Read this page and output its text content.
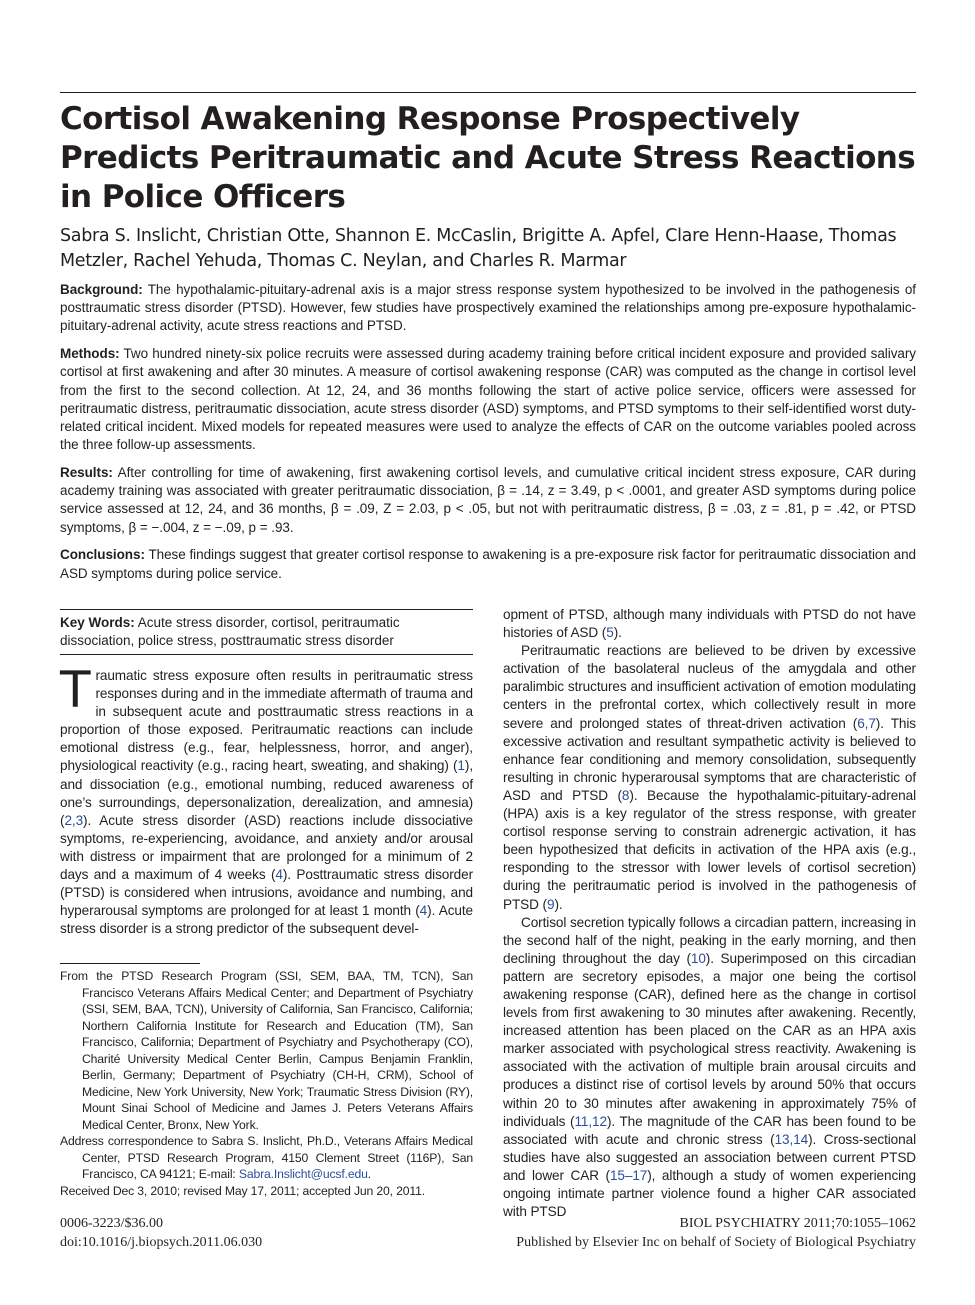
Cortisol Awakening Response Prospectively Predicts Peritraumatic and Acute Stress Reactions in Police Officers
Sabra S. Inslicht, Christian Otte, Shannon E. McCaslin, Brigitte A. Apfel, Clare Henn-Haase, Thomas Metzler, Rachel Yehuda, Thomas C. Neylan, and Charles R. Marmar

Background: The hypothalamic-pituitary-adrenal axis is a major stress response system hypothesized to be involved in the pathogenesis of posttraumatic stress disorder (PTSD). However, few studies have prospectively examined the relationships among pre-exposure hypothalamic-pituitary-adrenal activity, acute stress reactions and PTSD.

Methods: Two hundred ninety-six police recruits were assessed during academy training before critical incident exposure and provided salivary cortisol at first awakening and after 30 minutes. A measure of cortisol awakening response (CAR) was computed as the change in cortisol level from the first to the second collection. At 12, 24, and 36 months following the start of active police service, officers were assessed for peritraumatic distress, peritraumatic dissociation, acute stress disorder (ASD) symptoms, and PTSD symptoms to their self-identified worst duty-related critical incident. Mixed models for repeated measures were used to analyze the effects of CAR on the outcome variables pooled across the three follow-up assessments.

Results: After controlling for time of awakening, first awakening cortisol levels, and cumulative critical incident stress exposure, CAR during academy training was associated with greater peritraumatic dissociation, β = .14, z = 3.49, p < .0001, and greater ASD symptoms during police service assessed at 12, 24, and 36 months, β = .09, Z = 2.03, p < .05, but not with peritraumatic distress, β = .03, z = .81, p = .42, or PTSD symptoms, β = −.004, z = −.09, p = .93.

Conclusions: These findings suggest that greater cortisol response to awakening is a pre-exposure risk factor for peritraumatic dissociation and ASD symptoms during police service.

Key Words: Acute stress disorder, cortisol, peritraumatic dissociation, police stress, posttraumatic stress disorder

Traumatic stress exposure often results in peritraumatic stress responses during and in the immediate aftermath of trauma and in subsequent acute and posttraumatic stress reactions in a proportion of those exposed. Peritraumatic reactions can include emotional distress (e.g., fear, helplessness, horror, and anger), physiological reactivity (e.g., racing heart, sweating, and shaking) (1), and dissociation (e.g., emotional numbing, reduced awareness of one’s surroundings, depersonalization, derealization, and amnesia) (2,3). Acute stress disorder (ASD) reactions include dissociative symptoms, re-experiencing, avoidance, and anxiety and/or arousal with distress or impairment that are prolonged for a minimum of 2 days and a maximum of 4 weeks (4). Posttraumatic stress disorder (PTSD) is considered when intrusions, avoidance and numbing, and hyperarousal symptoms are prolonged for at least 1 month (4). Acute stress disorder is a strong predictor of the subsequent devel-

From the PTSD Research Program (SSI, SEM, BAA, TM, TCN), San Francisco Veterans Affairs Medical Center; and Department of Psychiatry (SSI, SEM, BAA, TCN), University of California, San Francisco, California; Northern California Institute for Research and Education (TM), San Francisco, California; Department of Psychiatry and Psychotherapy (CO), Charité University Medical Center Berlin, Campus Benjamin Franklin, Berlin, Germany; Department of Psychiatry (CH-H, CRM), School of Medicine, New York University, New York; Traumatic Stress Division (RY), Mount Sinai School of Medicine and James J. Peters Veterans Affairs Medical Center, Bronx, New York.

Address correspondence to Sabra S. Inslicht, Ph.D., Veterans Affairs Medical Center, PTSD Research Program, 4150 Clement Street (116P), San Francisco, CA 94121; E-mail: Sabra.Inslicht@ucsf.edu.

Received Dec 3, 2010; revised May 17, 2011; accepted Jun 20, 2011.

opment of PTSD, although many individuals with PTSD do not have histories of ASD (5).

Peritraumatic reactions are believed to be driven by excessive activation of the basolateral nucleus of the amygdala and other paralimbic structures and insufficient activation of emotion modulating centers in the prefrontal cortex, which collectively result in more severe and prolonged states of threat-driven activation (6,7). This excessive activation and resultant sympathetic activity is believed to enhance fear conditioning and memory consolidation, subsequently resulting in chronic hyperarousal symptoms that are characteristic of ASD and PTSD (8). Because the hypothalamic-pituitary-adrenal (HPA) axis is a key regulator of the stress response, with greater cortisol response serving to constrain adrenergic activation, it has been hypothesized that deficits in activation of the HPA axis (e.g., responding to the stressor with lower levels of cortisol secretion) during the peritraumatic period is involved in the pathogenesis of PTSD (9).

Cortisol secretion typically follows a circadian pattern, increasing in the second half of the night, peaking in the early morning, and then declining throughout the day (10). Superimposed on this circadian pattern are secretory episodes, a major one being the cortisol awakening response (CAR), defined here as the change in cortisol levels from first awakening to 30 minutes after awakening. Recently, increased attention has been placed on the CAR as an HPA axis marker associated with psychological stress reactivity. Awakening is associated with the activation of multiple brain arousal circuits and produces a distinct rise of cortisol levels by around 50% that occurs within 20 to 30 minutes after awakening in approximately 75% of individuals (11,12). The magnitude of the CAR has been found to be associated with acute and chronic stress (13,14). Cross-sectional studies have also suggested an association between current PTSD and lower CAR (15–17), although a study of women experiencing ongoing intimate partner violence found a higher CAR associated with PTSD

0006-3223/$36.00
doi:10.1016/j.biopsych.2011.06.030
BIOL PSYCHIATRY 2011;70:1055–1062
Published by Elsevier Inc on behalf of Society of Biological Psychiatry
